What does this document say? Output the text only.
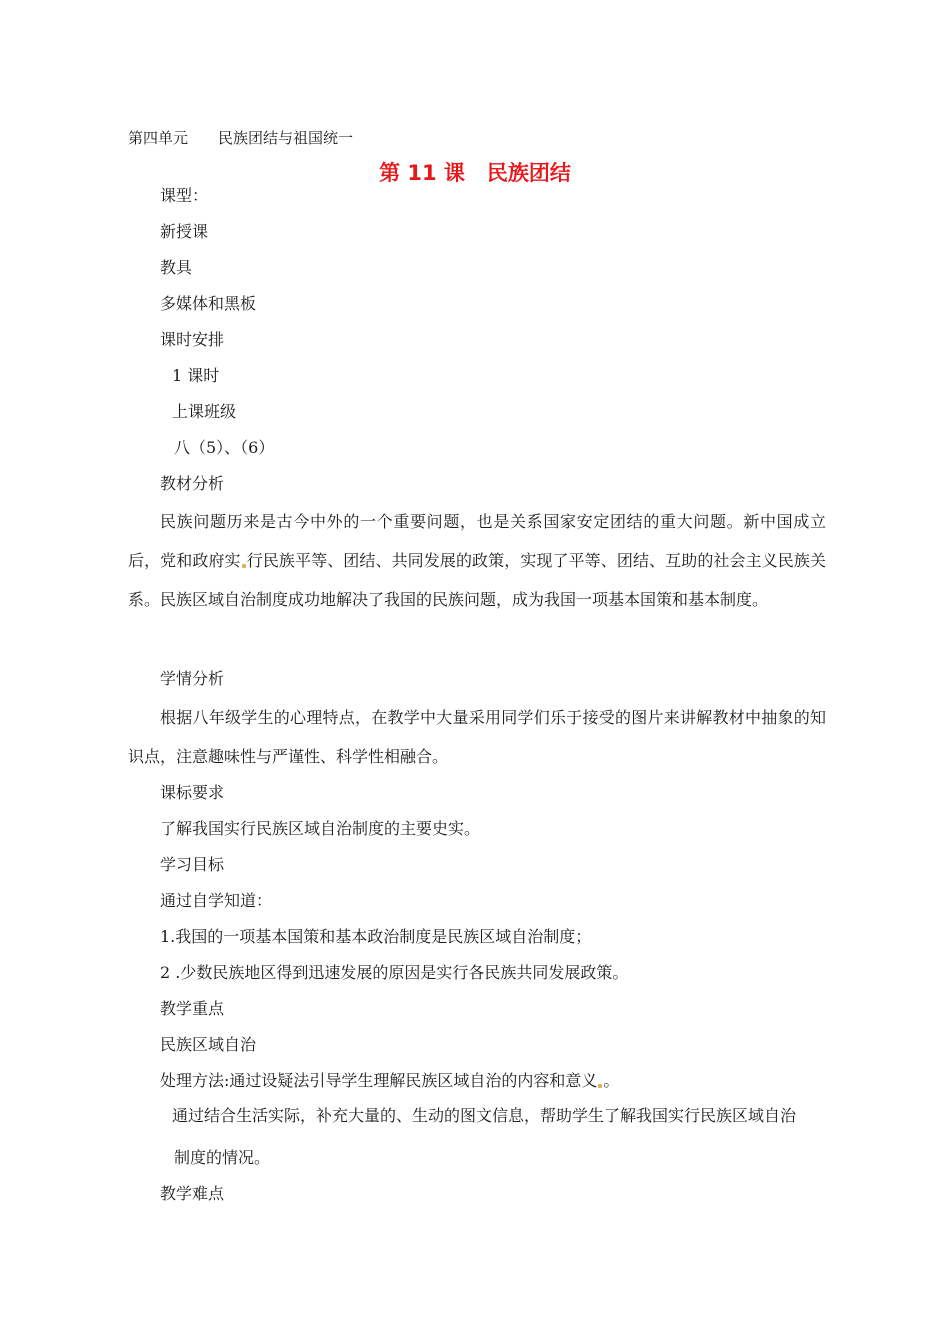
第四单元 民族团结与祖国统一
第 11 课 民族团结
课型：
新授课
教具
多媒体和黑板
课时安排
1 课时
上课班级
八（5）、（6）
教材分析
民族问题历来是古今中外的一个重要问题，也是关系国家安定团结的重大问题。新中国成立后，党和政府实 行民族平等、团结、共同发展的政策，实现了平等、团结、互助的社会主义民族关系。民族区域自治制度成功地解决了我国的民族问题，成为我国一项基本国策和基本制度。
学情分析
根据八年级学生的心理特点，在教学中大量采用同学们乐于接受的图片来讲解教材中抽象的知识点，注意趣味性与严谨性、科学性相融合。
课标要求
了解我国实行民族区域自治制度的主要史实。
学习目标
通过自学知道：
1.我国的一项基本国策和基本政治制度是民族区域自治制度；
2 .少数民族地区得到迅速发展的原因是实行各民族共同发展政策。
教学重点
民族区域自治
处理方法:通过设疑法引导学生理解民族区域自治的内容和意义 。
通过结合生活实际，补充大量的、生动的图文信息，帮助学生了解我国实行民族区域自治
制度的情况。
教学难点
